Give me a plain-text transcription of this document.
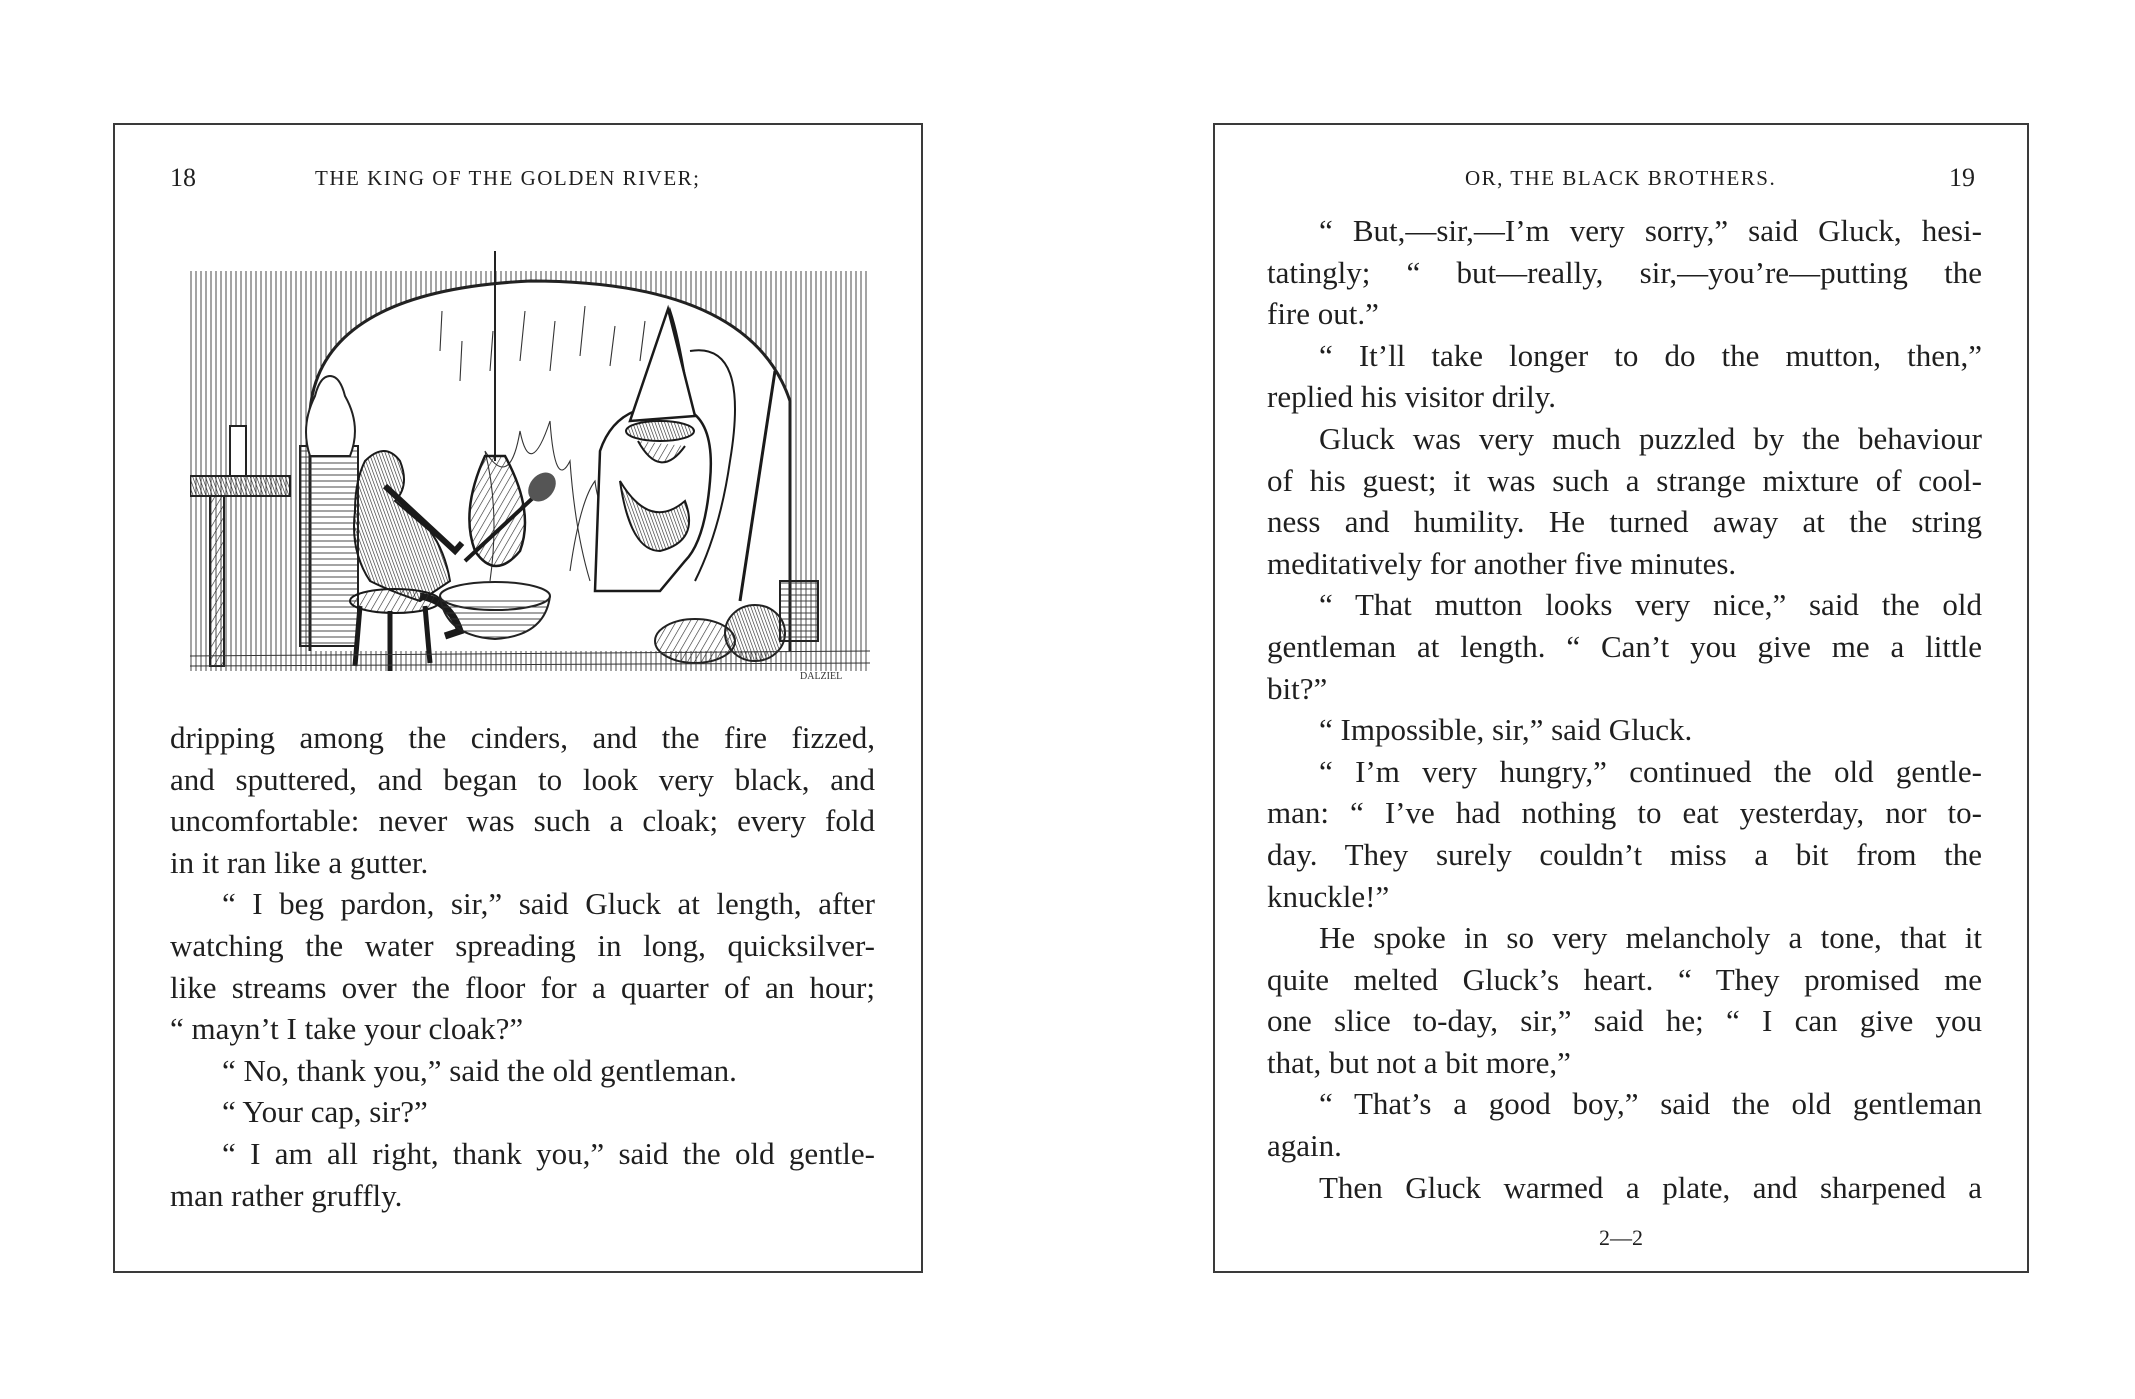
18	THE KING OF THE GOLDEN RIVER;
DALZIEL
dripping among the cinders, and the fire fizzed,
and sputtered, and began to look very black, and
uncomfortable: never was such a cloak; every fold
in it ran like a gutter.
“ I beg pardon, sir,” said Gluck at length, after
watching the water spreading in long, quicksilver-
like streams over the floor for a quarter of an hour;
“ mayn’t I take your cloak?”
“ No, thank you,” said the old gentleman.
“ Your cap, sir?”
“ I am all right, thank you,” said the old gentle-
man rather gruffly.
OR, THE BLACK BROTHERS.	19
“ But,—sir,—I’m very sorry,” said Gluck, hesi-
tatingly; “ but—really, sir,—you’re—putting the
fire out.”
“ It’ll take longer to do the mutton, then,”
replied his visitor drily.
Gluck was very much puzzled by the behaviour
of his guest; it was such a strange mixture of cool-
ness and humility. He turned away at the string
meditatively for another five minutes.
“ That mutton looks very nice,” said the old
gentleman at length. “ Can’t you give me a little
bit?”
“ Impossible, sir,” said Gluck.
“ I’m very hungry,” continued the old gentle-
man: “ I’ve had nothing to eat yesterday, nor to-
day. They surely couldn’t miss a bit from the
knuckle!”
He spoke in so very melancholy a tone, that it
quite melted Gluck’s heart. “ They promised me
one slice to-day, sir,” said he; “ I can give you
that, but not a bit more,”
“ That’s a good boy,” said the old gentleman
again.
Then Gluck warmed a plate, and sharpened a
2—2
